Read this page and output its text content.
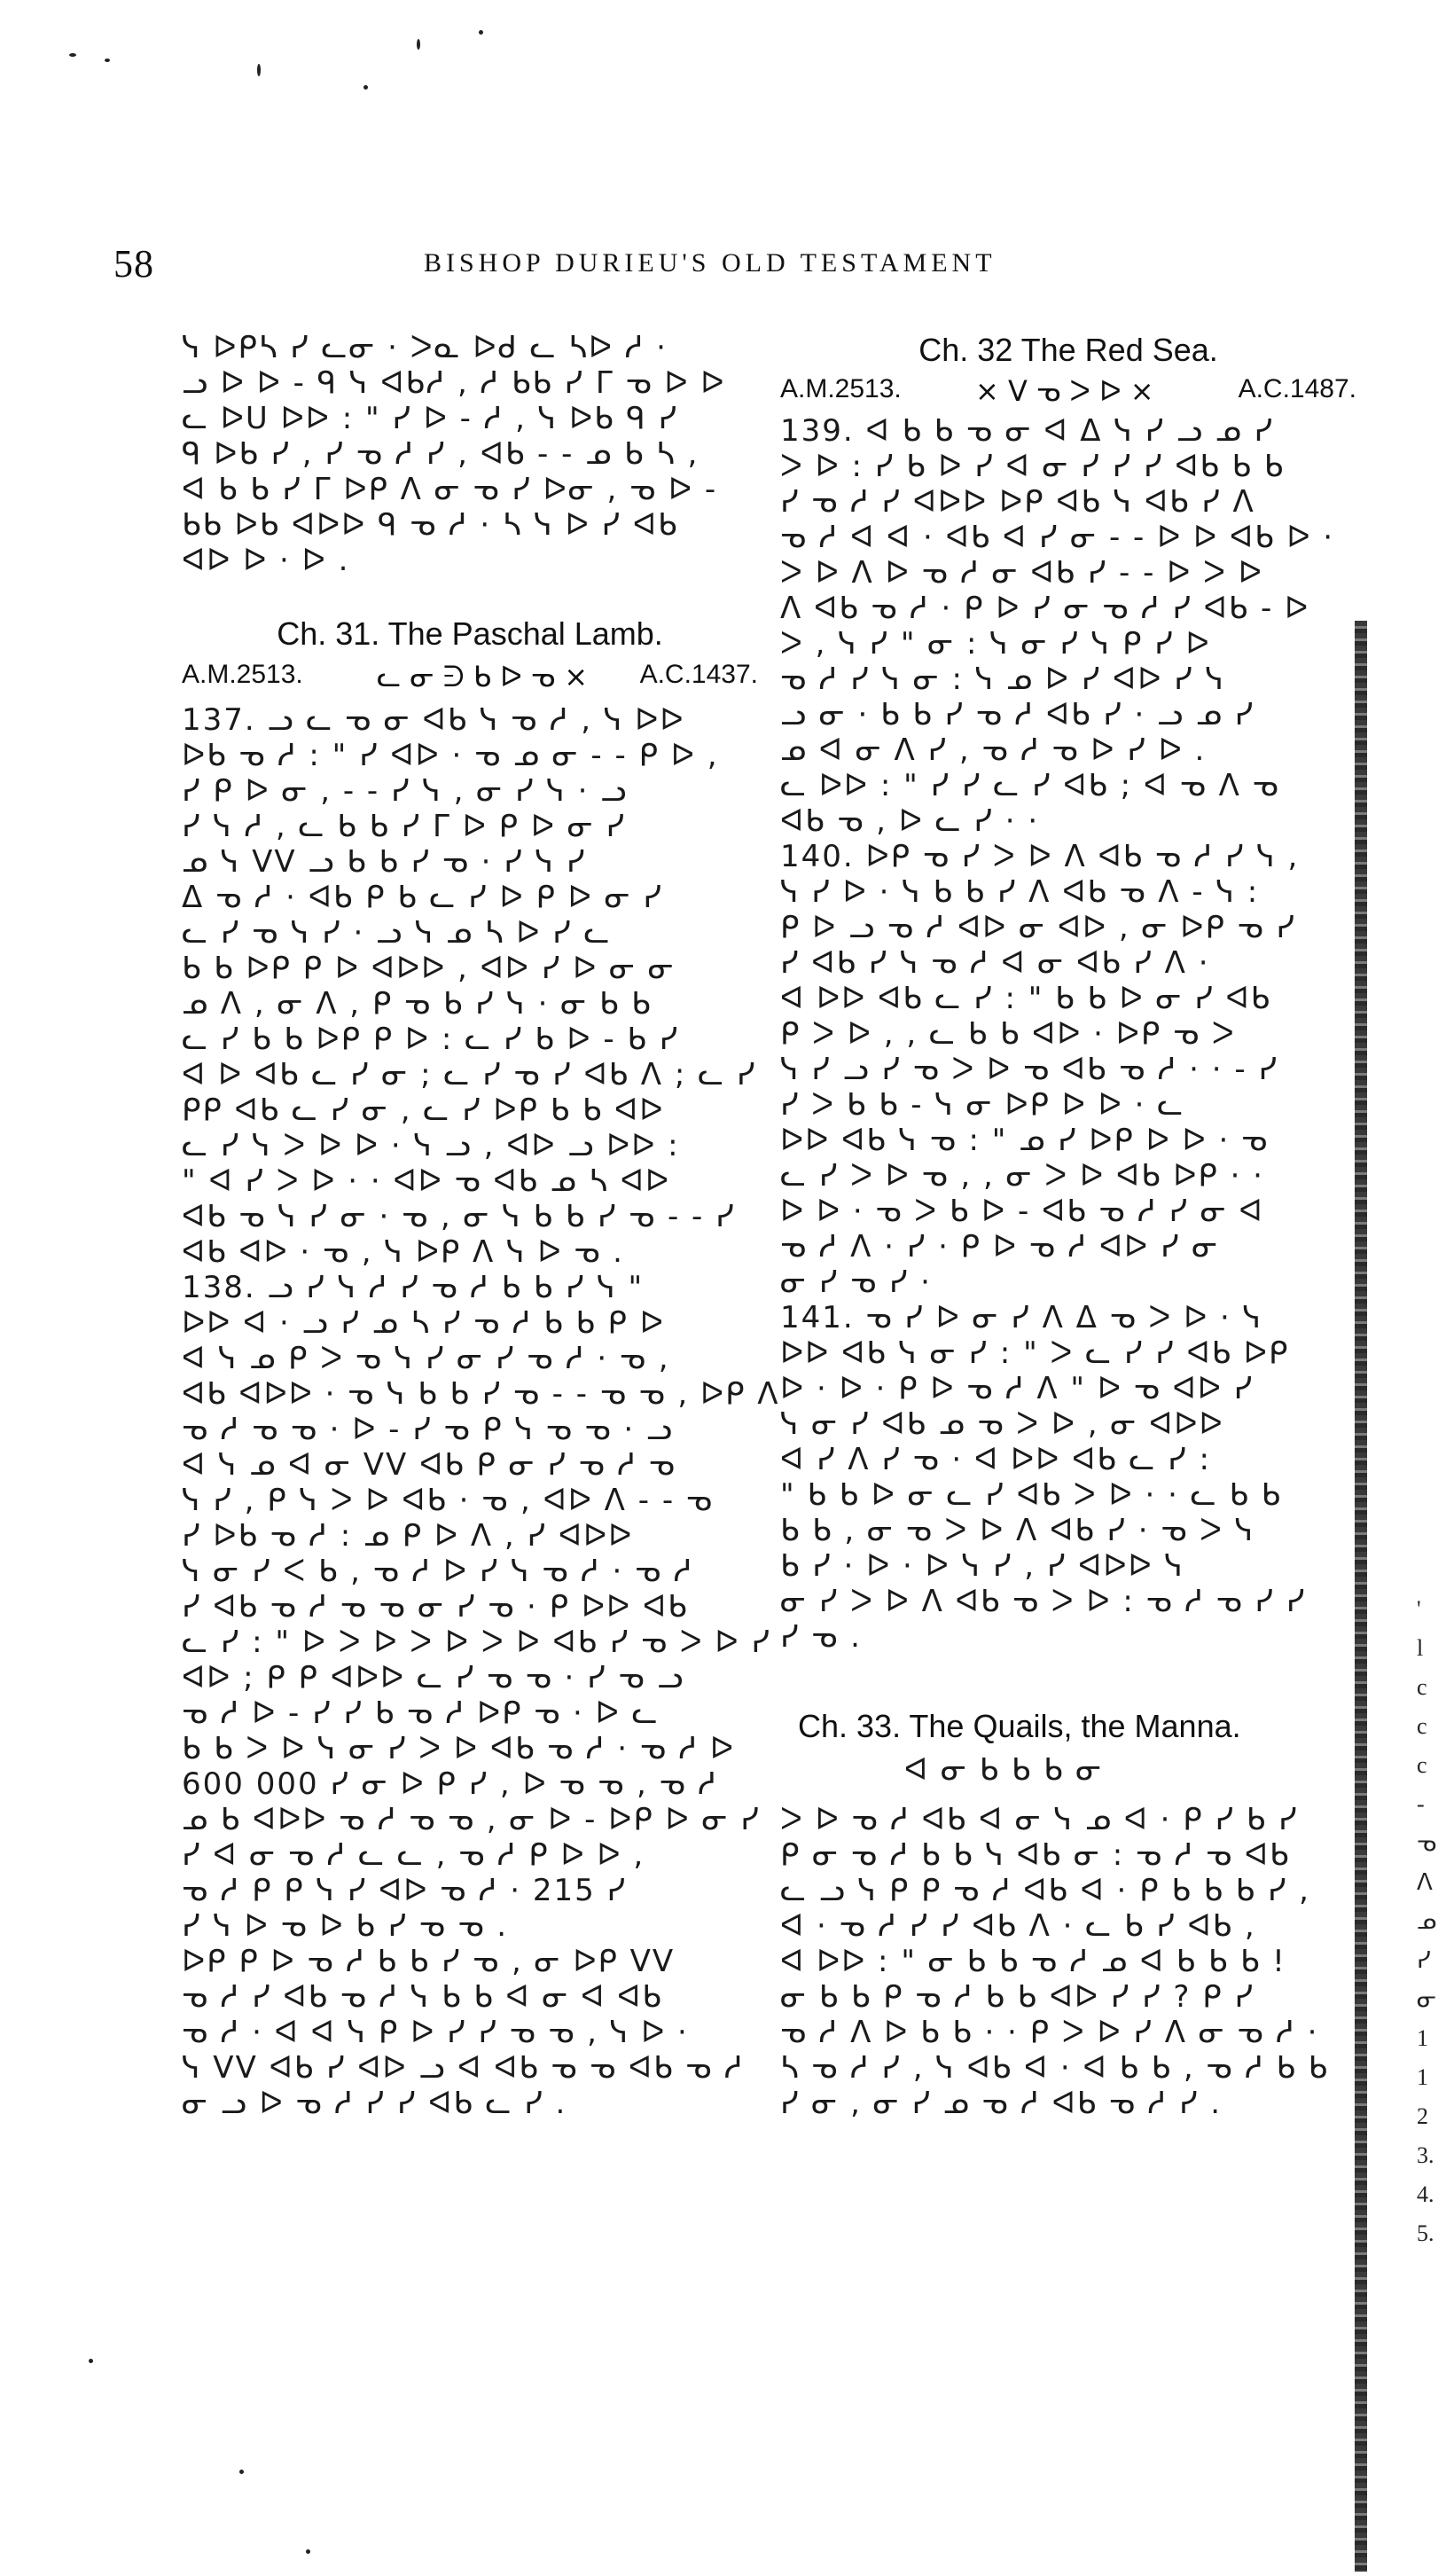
58	BISHOP DURIEU'S OLD TESTAMENT
ᓭ ᐅᑭᓴ ᓯ ᓚᓂ · ᐳᓇ ᐅᑯ ᓚ ᓴᐅ ᓱ ·
ᓗ ᐅ ᐅ - ᑫ ᓭ ᐊᑲᓱ , ᓱ ᑲᑲ ᓯ ᒥ ᓀ ᐅ ᐅ
ᓚ ᐅᑌ ᐅᐅ : " ᓯ ᐅ - ᓱ , ᓭ ᐅᑲ ᑫ ᓯ
ᑫ ᐅᑲ ᓯ , ᓯ ᓀ ᓱ ᓯ , ᐊᑲ - - ᓄ ᑲ ᓴ ,
ᐊ ᑲ ᑲ ᓯ ᒥ ᐅᑭ ᐱ ᓂ ᓀ ᓯ ᐅᓂ , ᓀ ᐅ -
ᑲᑲ ᐅᑲ ᐊᐅᐅ ᑫ ᓀ ᓱ · ᓴ ᓭ ᐅ ᓯ ᐊᑲ
ᐊᐅ ᐅ · ᐅ .
Ch. 31. The Paschal Lamb.
A.M.2513.	ᓚ ᓂ ᕭ ᑲ ᐅ ᓀ × A.C.1437.
137. ᓗ ᓚ ᓀ ᓂ ᐊᑲ ᓭ ᓀ ᓱ , ᓭ ᐅᐅ
ᐅᑲ ᓀ ᓱ : " ᓯ ᐊᐅ · ᓀ ᓄ ᓂ - - ᑭ ᐅ ,
ᓯ ᑭ ᐅ ᓂ , - - ᓯ ᓭ , ᓂ ᓯ ᓭ · ᓗ
ᓯ ᓭ ᓱ , ᓚ ᑲ ᑲ ᓯ ᒥ ᐅ ᑭ ᐅ ᓂ ᓯ
ᓄ ᓭ ᐯᐯ ᓗ ᑲ ᑲ ᓯ ᓀ · ᓯ ᓭ ᓯ
ᐃ ᓀ ᓱ · ᐊᑲ ᑭ ᑲ ᓚ ᓯ ᐅ ᑭ ᐅ ᓂ ᓯ
ᓚ ᓯ ᓀ ᓭ ᓯ · ᓗ ᓭ ᓄ ᓴ ᐅ ᓯ ᓚ
ᑲ ᑲ ᐅᑭ ᑭ ᐅ ᐊᐅᐅ , ᐊᐅ ᓯ ᐅ ᓂ ᓂ
ᓄ ᐱ , ᓂ ᐱ , ᑭ ᓀ ᑲ ᓯ ᓭ · ᓂ ᑲ ᑲ
ᓚ ᓯ ᑲ ᑲ ᐅᑭ ᑭ ᐅ : ᓚ ᓯ ᑲ ᐅ - ᑲ ᓯ
ᐊ ᐅ ᐊᑲ ᓚ ᓯ ᓂ ; ᓚ ᓯ ᓀ ᓯ ᐊᑲ ᐱ ; ᓚ ᓯ
ᑭᑭ ᐊᑲ ᓚ ᓯ ᓂ , ᓚ ᓯ ᐅᑭ ᑲ ᑲ ᐊᐅ
ᓚ ᓯ ᓭ ᐳ ᐅ ᐅ · ᓭ ᓗ , ᐊᐅ ᓗ ᐅᐅ :
" ᐊ ᓯ ᐳ ᐅ · · ᐊᐅ ᓀ ᐊᑲ ᓄ ᓴ ᐊᐅ
ᐊᑲ ᓀ ᓭ ᓯ ᓂ · ᓀ , ᓂ ᓭ ᑲ ᑲ ᓯ ᓀ - - ᓯ
ᐊᑲ ᐊᐅ · ᓀ , ᓭ ᐅᑭ ᐱ ᓭ ᐅ ᓀ .
138. ᓗ ᓯ ᓭ ᓱ ᓯ ᓀ ᓱ ᑲ ᑲ ᓯ ᓭ "
ᐅᐅ ᐊ · ᓗ ᓯ ᓄ ᓴ ᓯ ᓀ ᓱ ᑲ ᑲ ᑭ ᐅ
ᐊ ᓭ ᓄ ᑭ ᐳ ᓀ ᓭ ᓯ ᓂ ᓯ ᓀ ᓱ · ᓀ ,
ᐊᑲ ᐊᐅᐅ · ᓀ ᓭ ᑲ ᑲ ᓯ ᓀ - - ᓀ ᓀ , ᐅᑭ ᐱ
ᓀ ᓱ ᓀ ᓀ · ᐅ - ᓯ ᓀ ᑭ ᓭ ᓀ ᓀ · ᓗ
ᐊ ᓭ ᓄ ᐊ ᓂ ᐯᐯ ᐊᑲ ᑭ ᓂ ᓯ ᓀ ᓱ ᓀ
ᓭ ᓯ , ᑭ ᓭ ᐳ ᐅ ᐊᑲ · ᓀ , ᐊᐅ ᐱ - - ᓀ
ᓯ ᐅᑲ ᓀ ᓱ : ᓄ ᑭ ᐅ ᐱ , ᓯ ᐊᐅᐅ
ᓭ ᓂ ᓯ ᐸ ᑲ , ᓀ ᓱ ᐅ ᓯ ᓭ ᓀ ᓱ · ᓀ ᓱ
ᓯ ᐊᑲ ᓀ ᓱ ᓀ ᓀ ᓂ ᓯ ᓀ · ᑭ ᐅᐅ ᐊᑲ
ᓚ ᓯ : " ᐅ ᐳ ᐅ ᐳ ᐅ ᐳ ᐅ ᐊᑲ ᓯ ᓀ ᐳ ᐅ ᓯ
ᐊᐅ ; ᑭ ᑭ ᐊᐅᐅ ᓚ ᓯ ᓀ ᓀ · ᓯ ᓀ ᓗ
ᓀ ᓱ ᐅ - ᓯ ᓯ ᑲ ᓀ ᓱ ᐅᑭ ᓀ · ᐅ ᓚ
ᑲ ᑲ ᐳ ᐅ ᓭ ᓂ ᓯ ᐳ ᐅ ᐊᑲ ᓀ ᓱ · ᓀ ᓱ ᐅ
600 000 ᓯ ᓂ ᐅ ᑭ ᓯ , ᐅ ᓀ ᓀ , ᓀ ᓱ
ᓄ ᑲ ᐊᐅᐅ ᓀ ᓱ ᓀ ᓀ , ᓂ ᐅ - ᐅᑭ ᐅ ᓂ ᓯ
ᓯ ᐊ ᓂ ᓀ ᓱ ᓚ ᓚ , ᓀ ᓱ ᑭ ᐅ ᐅ ,
ᓀ ᓱ ᑭ ᑭ ᓭ ᓯ ᐊᐅ ᓀ ᓱ · 215 ᓯ
ᓯ ᓭ ᐅ ᓀ ᐅ ᑲ ᓯ ᓀ ᓀ .
ᐅᑭ ᑭ ᐅ ᓀ ᓱ ᑲ ᑲ ᓯ ᓀ , ᓂ ᐅᑭ ᐯᐯ
ᓀ ᓱ ᓯ ᐊᑲ ᓀ ᓱ ᓭ ᑲ ᑲ ᐊ ᓂ ᐊ ᐊᑲ
ᓀ ᓱ · ᐊ ᐊ ᓭ ᑭ ᐅ ᓯ ᓯ ᓀ ᓀ , ᓭ ᐅ ·
ᓭ ᐯᐯ ᐊᑲ ᓯ ᐊᐅ ᓗ ᐊ ᐊᑲ ᓀ ᓀ ᐊᑲ ᓀ ᓱ
ᓂ ᓗ ᐅ ᓀ ᓱ ᓯ ᓯ ᐊᑲ ᓚ ᓯ .
Ch. 32 The Red Sea.
A.M.2513.	× ᐯ ᓀ ᐳ ᐅ ×	A.C.1487.
139. ᐊ ᑲ ᑲ ᓀ ᓂ ᐊ ᐃ ᓭ ᓯ ᓗ ᓄ ᓯ
ᐳ ᐅ : ᓯ ᑲ ᐅ ᓯ ᐊ ᓂ ᓯ ᓯ ᓯ ᐊᑲ ᑲ ᑲ
ᓯ ᓀ ᓱ ᓯ ᐊᐅᐅ ᐅᑭ ᐊᑲ ᓭ ᐊᑲ ᓯ ᐱ
ᓀ ᓱ ᐊ ᐊ · ᐊᑲ ᐊ ᓯ ᓂ - - ᐅ ᐅ ᐊᑲ ᐅ ·
ᐳ ᐅ ᐱ ᐅ ᓀ ᓱ ᓂ ᐊᑲ ᓯ - - ᐅ ᐳ ᐅ
ᐱ ᐊᑲ ᓀ ᓱ · ᑭ ᐅ ᓯ ᓂ ᓀ ᓱ ᓯ ᐊᑲ - ᐅ
ᐳ , ᓭ ᓯ " ᓂ : ᓭ ᓂ ᓯ ᓭ ᑭ ᓯ ᐅ
ᓀ ᓱ ᓯ ᓭ ᓂ : ᓭ ᓄ ᐅ ᓯ ᐊᐅ ᓯ ᓭ
ᓗ ᓂ · ᑲ ᑲ ᓯ ᓀ ᓱ ᐊᑲ ᓯ · ᓗ ᓄ ᓯ
ᓄ ᐊ ᓂ ᐱ ᓯ , ᓀ ᓱ ᓀ ᐅ ᓯ ᐅ .
ᓚ ᐅᐅ : " ᓯ ᓯ ᓚ ᓯ ᐊᑲ ; ᐊ ᓀ ᐱ ᓀ
ᐊᑲ ᓀ , ᐅ ᓚ ᓯ · ·
140. ᐅᑭ ᓀ ᓯ ᐳ ᐅ ᐱ ᐊᑲ ᓀ ᓱ ᓯ ᓭ ,
ᓭ ᓯ ᐅ · ᓭ ᑲ ᑲ ᓯ ᐱ ᐊᑲ ᓀ ᐱ - ᓭ :
ᑭ ᐅ ᓗ ᓀ ᓱ ᐊᐅ ᓂ ᐊᐅ , ᓂ ᐅᑭ ᓀ ᓯ
ᓯ ᐊᑲ ᓯ ᓭ ᓀ ᓱ ᐊ ᓂ ᐊᑲ ᓯ ᐱ ·
ᐊ ᐅᐅ ᐊᑲ ᓚ ᓯ : " ᑲ ᑲ ᐅ ᓂ ᓯ ᐊᑲ
ᑭ ᐳ ᐅ , , ᓚ ᑲ ᑲ ᐊᐅ · ᐅᑭ ᓀ ᐳ
ᓭ ᓯ ᓗ ᓯ ᓀ ᐳ ᐅ ᓀ ᐊᑲ ᓀ ᓱ · · - ᓯ
ᓯ ᐳ ᑲ ᑲ - ᓭ ᓂ ᐅᑭ ᐅ ᐅ · ᓚ
ᐅᐅ ᐊᑲ ᓭ ᓀ : " ᓄ ᓯ ᐅᑭ ᐅ ᐅ · ᓀ
ᓚ ᓯ ᐳ ᐅ ᓀ , , ᓂ ᐳ ᐅ ᐊᑲ ᐅᑭ · ·
ᐅ ᐅ · ᓀ ᐳ ᑲ ᐅ - ᐊᑲ ᓀ ᓱ ᓯ ᓂ ᐊ
ᓀ ᓱ ᐱ · ᓯ · ᑭ ᐅ ᓀ ᓱ ᐊᐅ ᓯ ᓂ
ᓂ ᓯ ᓀ ᓯ ·
141. ᓀ ᓯ ᐅ ᓂ ᓯ ᐱ ᐃ ᓀ ᐳ ᐅ · ᓭ
ᐅᐅ ᐊᑲ ᓭ ᓂ ᓯ : " ᐳ ᓚ ᓯ ᓯ ᐊᑲ ᐅᑭ
ᐅ · ᐅ · ᑭ ᐅ ᓀ ᓱ ᐱ " ᐅ ᓀ ᐊᐅ ᓯ
ᓭ ᓂ ᓯ ᐊᑲ ᓄ ᓀ ᐳ ᐅ , ᓂ ᐊᐅᐅ
ᐊ ᓯ ᐱ ᓯ ᓀ · ᐊ ᐅᐅ ᐊᑲ ᓚ ᓯ :
" ᑲ ᑲ ᐅ ᓂ ᓚ ᓯ ᐊᑲ ᐳ ᐅ · · ᓚ ᑲ ᑲ
ᑲ ᑲ , ᓂ ᓀ ᐳ ᐅ ᐱ ᐊᑲ ᓯ · ᓀ ᐳ ᓭ
ᑲ ᓯ · ᐅ · ᐅ ᓭ ᓯ , ᓯ ᐊᐅᐅ ᓭ
ᓂ ᓯ ᐳ ᐅ ᐱ ᐊᑲ ᓀ ᐳ ᐅ : ᓀ ᓱ ᓀ ᓯ ᓯ
ᓯ ᓀ .
Ch. 33. The Quails, the Manna.
ᐊ ᓂ ᑲ ᑲ ᑲ ᓂ
ᐳ ᐅ ᓀ ᓱ ᐊᑲ ᐊ ᓂ ᓭ ᓄ ᐊ · ᑭ ᓯ ᑲ ᓯ
ᑭ ᓂ ᓀ ᓱ ᑲ ᑲ ᓭ ᐊᑲ ᓂ : ᓀ ᓱ ᓀ ᐊᑲ
ᓚ ᓗ ᓭ ᑭ ᑭ ᓀ ᓱ ᐊᑲ ᐊ · ᑭ ᑲ ᑲ ᑲ ᓯ ,
ᐊ · ᓀ ᓱ ᓯ ᓯ ᐊᑲ ᐱ · ᓚ ᑲ ᓯ ᐊᑲ ,
ᐊ ᐅᐅ : " ᓂ ᑲ ᑲ ᓀ ᓱ ᓄ ᐊ ᑲ ᑲ ᑲ !
ᓂ ᑲ ᑲ ᑭ ᓀ ᓱ ᑲ ᑲ ᐊᐅ ᓯ ᓯ ? ᑭ ᓯ
ᓀ ᓱ ᐱ ᐅ ᑲ ᑲ · · ᑭ ᐳ ᐅ ᓯ ᐱ ᓂ ᓀ ᓱ ·
ᓴ ᓀ ᓱ ᓯ , ᓭ ᐊᑲ ᐊ · ᐊ ᑲ ᑲ , ᓀ ᓱ ᑲ ᑲ
ᓯ ᓂ , ᓂ ᓯ ᓄ ᓀ ᓱ ᐊᑲ ᓀ ᓱ ᓯ .
'
l
c
c
c
-
ᓀ
ᐱ
ᓄ
ᓯ
ᓂ
1
1
2
3.
4.
5.
